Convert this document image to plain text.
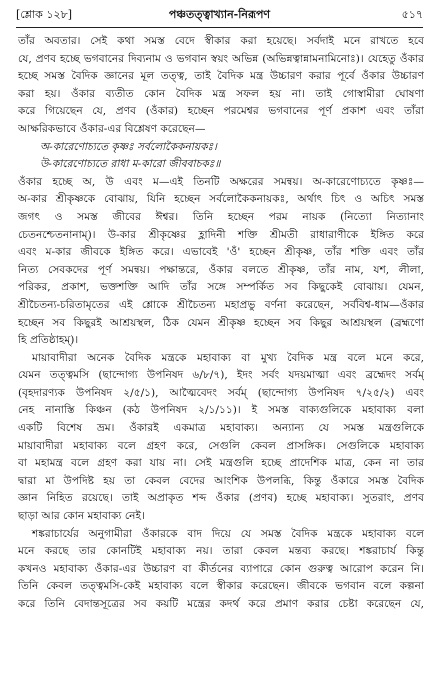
[শ্লোক ১২৮]	পঞ্চতত্ত্বাখ্যান-নিরূপণ	৫১৭
তাঁর অবতার। সেই কথা সমস্ত বেদে স্বীকার করা হয়েছে। সর্বদাই মনে রাখতে হবে
যে, প্রণব হচ্ছে ভগবানের দিব্যনাম ও ভগবান স্বয়ং অভিন্ন (অভিন্নত্বান্নামনামিনোঃ)। যেহেতু ওঁকার
হচ্ছে সমস্ত বৈদিক জ্ঞানের মূল তত্ত্ব, তাই বৈদিক মন্ত্র উচ্চারণ করার পূর্বে ওঁকার উচ্চারণ
করা হয়। ওঁকার ব্যতীত কোন বৈদিক মন্ত্র সফল হয় না। তাই গোস্বামীরা ঘোষণা
করে গিয়েছেন যে, প্রণব (ওঁকার) হচ্ছেন পরমেশ্বর ভগবানের পূর্ণ প্রকাশ এবং তাঁরা
আক্ষরিকভাবে ওঁকার-এর বিশ্লেষণ করেছেন—
অ-কারেণোচ্যতে কৃষ্ণঃ সর্বলোকৈকনায়কঃ।
উ-কারেণোচ্যতে রাধা ম-কারো জীববাচকঃ॥
ওঁকার হচ্ছে অ, উ এবং ম—এই তিনটি অক্ষরের সমন্বয়। অ-কারেণোচ্যতে কৃষ্ণঃ—
অ-কার শ্রীকৃষ্ণকে বোঝায়, যিনি হচ্ছেন সর্বলোকৈকনায়কঃ, অর্থাৎ চিৎ ও অচিৎ সমস্ত
জগৎ ও সমস্ত জীবের ঈশ্বর। তিনি হচ্ছেন পরম নায়ক (নিত্যো নিত্যানাং
চেতনশ্চেতনানাম্)। উ-কার শ্রীকৃষ্ণের হ্লাদিনী শক্তি শ্রীমতী রাধারাণীকে ইঙ্গিত করে
এবং ম-কার জীবকে ইঙ্গিত করে। এভাবেই 'ওঁ' হচ্ছেন শ্রীকৃষ্ণ, তাঁর শক্তি এবং তাঁর
নিত্য সেবকদের পূর্ণ সমন্বয়। পক্ষান্তরে, ওঁকার বলতে শ্রীকৃষ্ণ, তাঁর নাম, যশ, লীলা,
পরিকর, প্রকাশ, ভক্তশক্তি আদি তাঁর সঙ্গে সম্পর্কিত সব কিছুকেই বোঝায়। যেমন,
শ্রীচৈতন্য-চরিতামৃতের এই শ্লোকে শ্রীচৈতন্য মহাপ্রভু বর্ণনা করেছেন, সর্ববিশ্ব-ধাম—ওঁকার
হচ্ছেন সব কিছুরই আশ্রয়স্থল, ঠিক যেমন শ্রীকৃষ্ণ হচ্ছেন সব কিছুর আশ্রয়স্থল (ব্রহ্মণো
হি প্রতিষ্ঠাহম্)।
মায়াবাদীরা অনেক বৈদিক মন্ত্রকে মহাবাক্য বা মুখ্য বৈদিক মন্ত্র বলে মনে করে,
যেমন তত্ত্বমসি (ছান্দোগ্য উপনিষদ ৬/৮/৭), ইদং সর্বং যদয়মাত্মা এবং ব্রহ্মেদং সর্বম্
(বৃহদারণ্যক উপনিষদ ২/৫/১), আত্মৈবেদং সর্বম্ (ছান্দোগ্য উপনিষদ ৭/২৫/২) এবং
নেহ নানাস্তি কিঞ্চন (কঠ উপনিষদ ২/১/১১)। ই সমস্ত বাক্যগুলিকে মহাবাক্য বলা
একটি বিশেষ ভ্রম। ওঁকারই একমাত্র মহাবাক্য। অন্যান্য যে সমস্ত মন্ত্রগুলিকে
মায়াবাদীরা মহাবাক্য বলে গ্রহণ করে, সেগুলি কেবল প্রাসঙ্গিক। সেগুলিকে মহাবাক্য
বা মহামন্ত্র বলে গ্রহণ করা যায় না। সেই মন্ত্রগুলি হচ্ছে প্রাদেশিক মাত্র, কেন না তার
দ্বারা মা উপদিষ্ট হয় তা কেবল বেদের আংশিক উপলব্ধি, কিন্তু ওঁকারে সমস্ত বৈদিক
জ্ঞান নিহিত রয়েছে। তাই অপ্রাকৃত শব্দ ওঁকার (প্রণব) হচ্ছে মহাবাক্য। সুতরাং, প্রণব
ছাড়া আর কোন মহাবাক্য নেই।
শঙ্করাচার্যের অনুগামীরা ওঁকারকে বাদ দিয়ে যে সমস্ত বৈদিক মন্ত্রকে মহাবাক্য বলে
মনে করছে তার কোনটিই মহাবাক্য নয়। তারা কেবল মন্তব্য করছে। শঙ্করাচার্য কিন্তু
কখনও মহাবাক্য ওঁকার-এর উচ্চারণ বা কীর্তনের ব্যাপারে কোন গুরুত্ব আরোপ করেন নি।
তিনি কেবল তত্ত্বমসি-কেই মহাবাক্য বলে স্বীকার করেছেন। জীবকে ভগবান বলে কল্পনা
করে তিনি বেদান্তসূত্রের সব কয়টি মন্ত্রের কদর্থ করে প্রমাণ করার চেষ্টা করেছেন যে,
